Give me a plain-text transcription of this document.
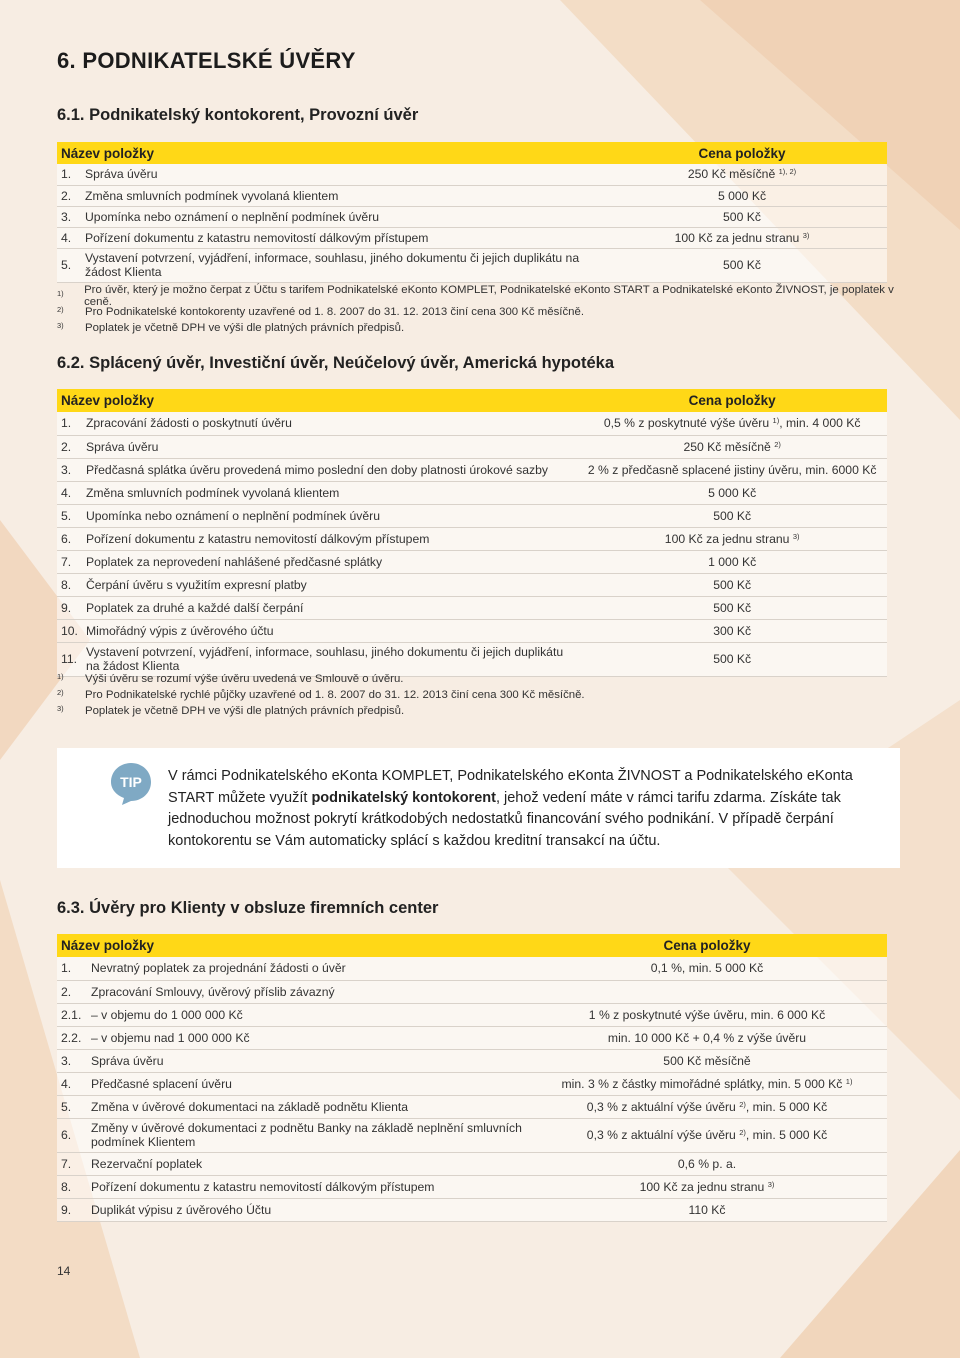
6. PODNIKATELSKÉ ÚVĚRY
6.1. Podnikatelský kontokorent, Provozní úvěr
Název položky		Cena položky
1.	Správa úvěru	250 Kč měsíčně $^{1), 2)}$
2.	Změna smluvních podmínek vyvolaná klientem	5 000 Kč
3.	Upomínka nebo oznámení o neplnění podmínek úvěru	500 Kč
4.	Pořízení dokumentu z katastru nemovitostí dálkovým přístupem	100 Kč za jednu stranu $^{3)}$
5.	Vystavení potvrzení, vyjádření, informace, souhlasu, jiného dokumentu či jejich duplikátu na žádost Klienta	500 Kč
1)	Pro úvěr, který je možno čerpat z Účtu s tarifem Podnikatelské eKonto KOMPLET, Podnikatelské eKonto START a Podnikatelské eKonto ŽIVNOST, je poplatek v ceně.
2)	Pro Podnikatelské kontokorenty uzavřené od 1. 8. 2007 do 31. 12. 2013 činí cena 300 Kč měsíčně.
3)	Poplatek je včetně DPH ve výši dle platných právních předpisů.
6.2. Splácený úvěr, Investiční úvěr, Neúčelový úvěr, Americká hypotéka
Název položky		Cena položky
1.	Zpracování žádosti o poskytnutí úvěru	0,5 % z poskytnuté výše úvěru $^{1)}$, min. 4 000 Kč
2.	Správa úvěru	250 Kč měsíčně $^{2)}$
3.	Předčasná splátka úvěru provedená mimo poslední den doby platnosti úrokové sazby	2 % z předčasně splacené jistiny úvěru, min. 6000 Kč
4.	Změna smluvních podmínek vyvolaná klientem	5 000 Kč
5.	Upomínka nebo oznámení o neplnění podmínek úvěru	500 Kč
6.	Pořízení dokumentu z katastru nemovitostí dálkovým přístupem	100 Kč za jednu stranu $^{3)}$
7.	Poplatek za neprovedení nahlášené předčasné splátky	1 000 Kč
8.	Čerpání úvěru s využitím expresní platby	500 Kč
9.	Poplatek za druhé a každé další čerpání	500 Kč
10.	Mimořádný výpis z úvěrového účtu	300 Kč
11.	Vystavení potvrzení, vyjádření, informace, souhlasu, jiného dokumentu či jejich duplikátu na žádost Klienta	500 Kč
1)	Výši úvěru se rozumí výše úvěru uvedená ve Smlouvě o úvěru.
2)	Pro Podnikatelské rychlé půjčky uzavřené od 1. 8. 2007 do 31. 12. 2013 činí cena 300 Kč měsíčně.
3)	Poplatek je včetně DPH ve výši dle platných právních předpisů.
TIP V rámci Podnikatelského eKonta KOMPLET, Podnikatelského eKonta ŽIVNOST a Podnikatelského eKonta START můžete využít podnikatelský kontokorent, jehož vedení máte v rámci tarifu zdarma. Získáte tak jednoduchou možnost pokrytí krátkodobých nedostatků financování svého podnikání. V případě čerpání kontokorentu se Vám automaticky splácí s každou kreditní transakcí na účtu.
6.3. Úvěry pro Klienty v obsluze firemních center
Název položky		Cena položky
1.	Nevratný poplatek za projednání žádosti o úvěr	0,1 %, min. 5 000 Kč
2.	Zpracování Smlouvy, úvěrový příslib závazný	
2.1.	– v objemu do 1 000 000 Kč	1 % z poskytnuté výše úvěru, min. 6 000 Kč
2.2.	– v objemu nad 1 000 000 Kč	min. 10 000 Kč + 0,4 % z výše úvěru
3.	Správa úvěru	500 Kč měsíčně
4.	Předčasné splacení úvěru	min. 3 % z částky mimořádné splátky, min. 5 000 Kč $^{1)}$
5.	Změna v úvěrové dokumentaci na základě podnětu Klienta	0,3 % z aktuální výše úvěru $^{2)}$, min. 5 000 Kč
6.	Změny v úvěrové dokumentaci z podnětu Banky na základě neplnění smluvních podmínek Klientem	0,3 % z aktuální výše úvěru $^{2)}$, min. 5 000 Kč
7.	Rezervační poplatek	0,6 % p. a.
8.	Pořízení dokumentu z katastru nemovitostí dálkovým přístupem	100 Kč za jednu stranu $^{3)}$
9.	Duplikát výpisu z úvěrového Účtu	110 Kč
14
